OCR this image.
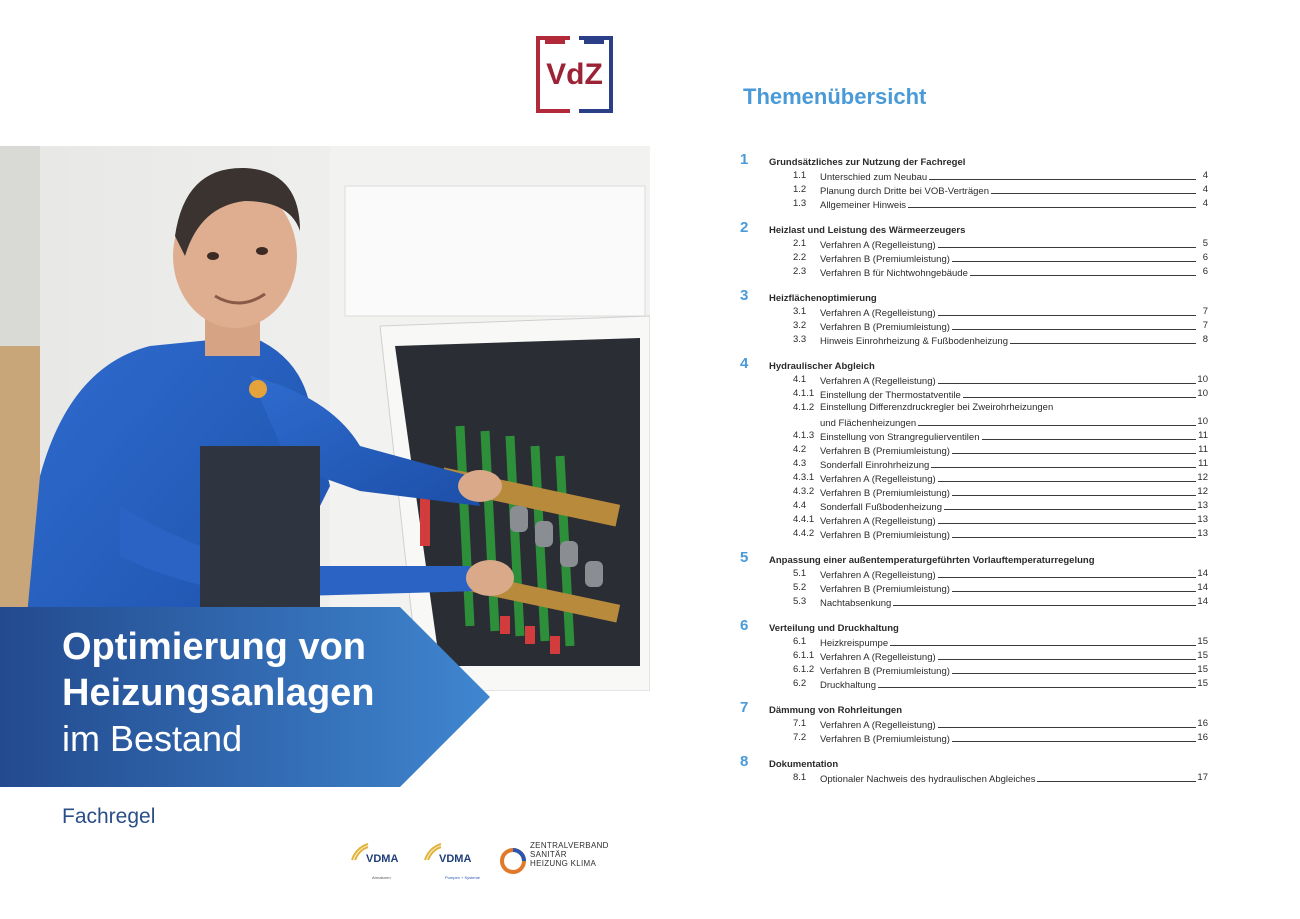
VdZ
Optimierung von
Heizungsanlagen
im Bestand
Fachregel
VDMA
Armaturen
VDMA
Pumpen + Systeme
ZENTRALVERBAND
SANITÄR
HEIZUNG KLIMA
Themenübersicht
1 Grundsätzliches zur Nutzung der Fachregel
1.1 Unterschied zum Neubau	4
1.2 Planung durch Dritte bei VOB-Verträgen	4
1.3 Allgemeiner Hinweis	4
2 Heizlast und Leistung des Wärmeerzeugers
2.1 Verfahren A (Regelleistung)	5
2.2 Verfahren B (Premiumleistung)	6
2.3 Verfahren B für Nichtwohngebäude	6
3 Heizflächenoptimierung
3.1 Verfahren A (Regelleistung)	7
3.2 Verfahren B (Premiumleistung)	7
3.3 Hinweis Einrohrheizung & Fußbodenheizung	8
4 Hydraulischer Abgleich
4.1 Verfahren A (Regelleistung)	10
4.1.1 Einstellung der Thermostatventile	10
4.1.2 Einstellung Differenzdruckregler bei Zweirohrheizungen
und Flächenheizungen	10
4.1.3 Einstellung von Strangregulierventilen	11
4.2 Verfahren B (Premiumleistung)	11
4.3 Sonderfall Einrohrheizung	11
4.3.1 Verfahren A (Regelleistung)	12
4.3.2 Verfahren B (Premiumleistung)	12
4.4 Sonderfall Fußbodenheizung	13
4.4.1 Verfahren A (Regelleistung)	13
4.4.2 Verfahren B (Premiumleistung)	13
5 Anpassung einer außentemperaturgeführten Vorlauftemperaturregelung
5.1 Verfahren A (Regelleistung)	14
5.2 Verfahren B (Premiumleistung)	14
5.3 Nachtabsenkung	14
6 Verteilung und Druckhaltung
6.1 Heizkreispumpe	15
6.1.1 Verfahren A (Regelleistung)	15
6.1.2 Verfahren B (Premiumleistung)	15
6.2 Druckhaltung	15
7 Dämmung von Rohrleitungen
7.1 Verfahren A (Regelleistung)	16
7.2 Verfahren B (Premiumleistung)	16
8 Dokumentation
8.1 Optionaler Nachweis des hydraulischen Abgleiches	17
